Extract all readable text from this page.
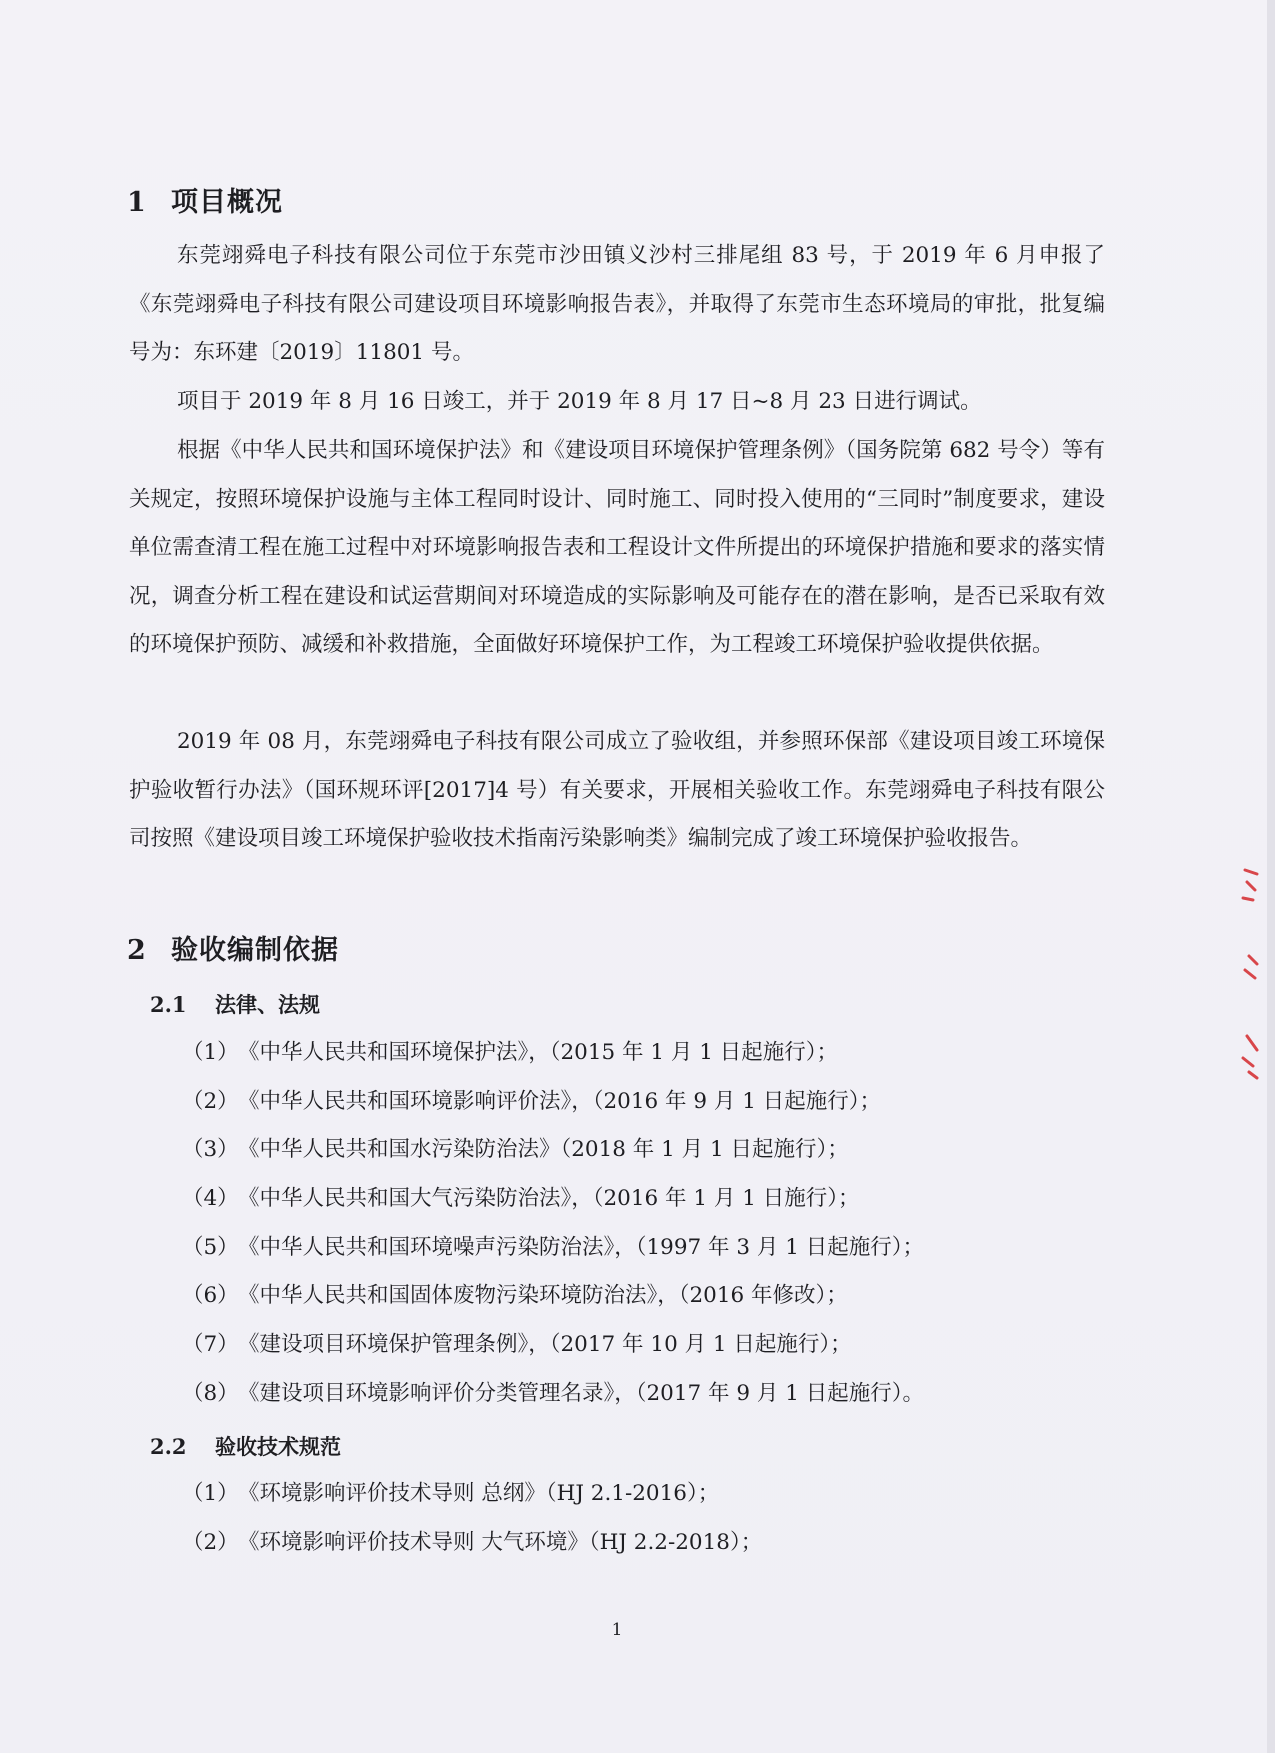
1 项目概况

东莞翊舜电子科技有限公司位于东莞市沙田镇义沙村三排尾组 83 号，于 2019 年 6 月申报了《东莞翊舜电子科技有限公司建设项目环境影响报告表》，并取得了东莞市生态环境局的审批，批复编号为：东环建〔2019〕11801 号。

项目于 2019 年 8 月 16 日竣工，并于 2019 年 8 月 17 日~8 月 23 日进行调试。

根据《中华人民共和国环境保护法》和《建设项目环境保护管理条例》（国务院第 682 号令）等有关规定，按照环境保护设施与主体工程同时设计、同时施工、同时投入使用的“三同时”制度要求，建设单位需查清工程在施工过程中对环境影响报告表和工程设计文件所提出的环境保护措施和要求的落实情况，调查分析工程在建设和试运营期间对环境造成的实际影响及可能存在的潜在影响，是否已采取有效的环境保护预防、减缓和补救措施，全面做好环境保护工作，为工程竣工环境保护验收提供依据。

2019 年 08 月，东莞翊舜电子科技有限公司成立了验收组，并参照环保部《建设项目竣工环境保护验收暂行办法》（国环规环评[2017]4 号）有关要求，开展相关验收工作。东莞翊舜电子科技有限公司按照《建设项目竣工环境保护验收技术指南污染影响类》编制完成了竣工环境保护验收报告。

2 验收编制依据
2.1 法律、法规
（1）《中华人民共和国环境保护法》，（2015 年 1 月 1 日起施行）；
（2）《中华人民共和国环境影响评价法》，（2016 年 9 月 1 日起施行）；
（3）《中华人民共和国水污染防治法》（2018 年 1 月 1 日起施行）；
（4）《中华人民共和国大气污染防治法》，（2016 年 1 月 1 日施行）；
（5）《中华人民共和国环境噪声污染防治法》，（1997 年 3 月 1 日起施行）；
（6）《中华人民共和国固体废物污染环境防治法》，（2016 年修改）；
（7）《建设项目环境保护管理条例》，（2017 年 10 月 1 日起施行）；
（8）《建设项目环境影响评价分类管理名录》，（2017 年 9 月 1 日起施行）。
2.2 验收技术规范
（1）《环境影响评价技术导则 总纲》（HJ 2.1-2016）；
（2）《环境影响评价技术导则 大气环境》（HJ 2.2-2018）；
1
